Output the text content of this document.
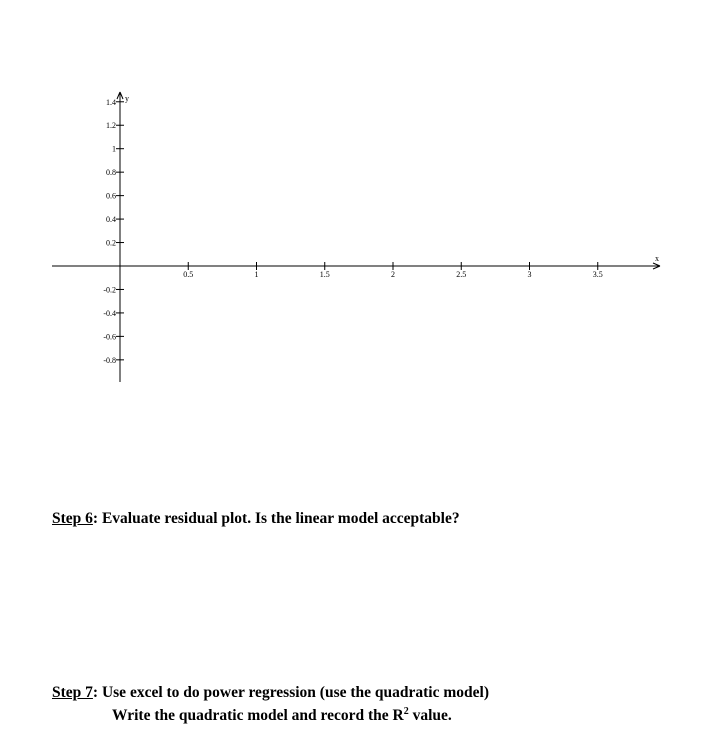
x
y
0.5	1	1.5	2	2.5	3	3.5
1.4
1.2
1
0.8
0.6
0.4
0.2
-0.2
-0.4
-0.6
-0.8
Step 6: Evaluate residual plot. Is the linear model acceptable?
Step 7: Use excel to do power regression (use the quadratic model)
Write the quadratic model and record the $R^2$ value.
